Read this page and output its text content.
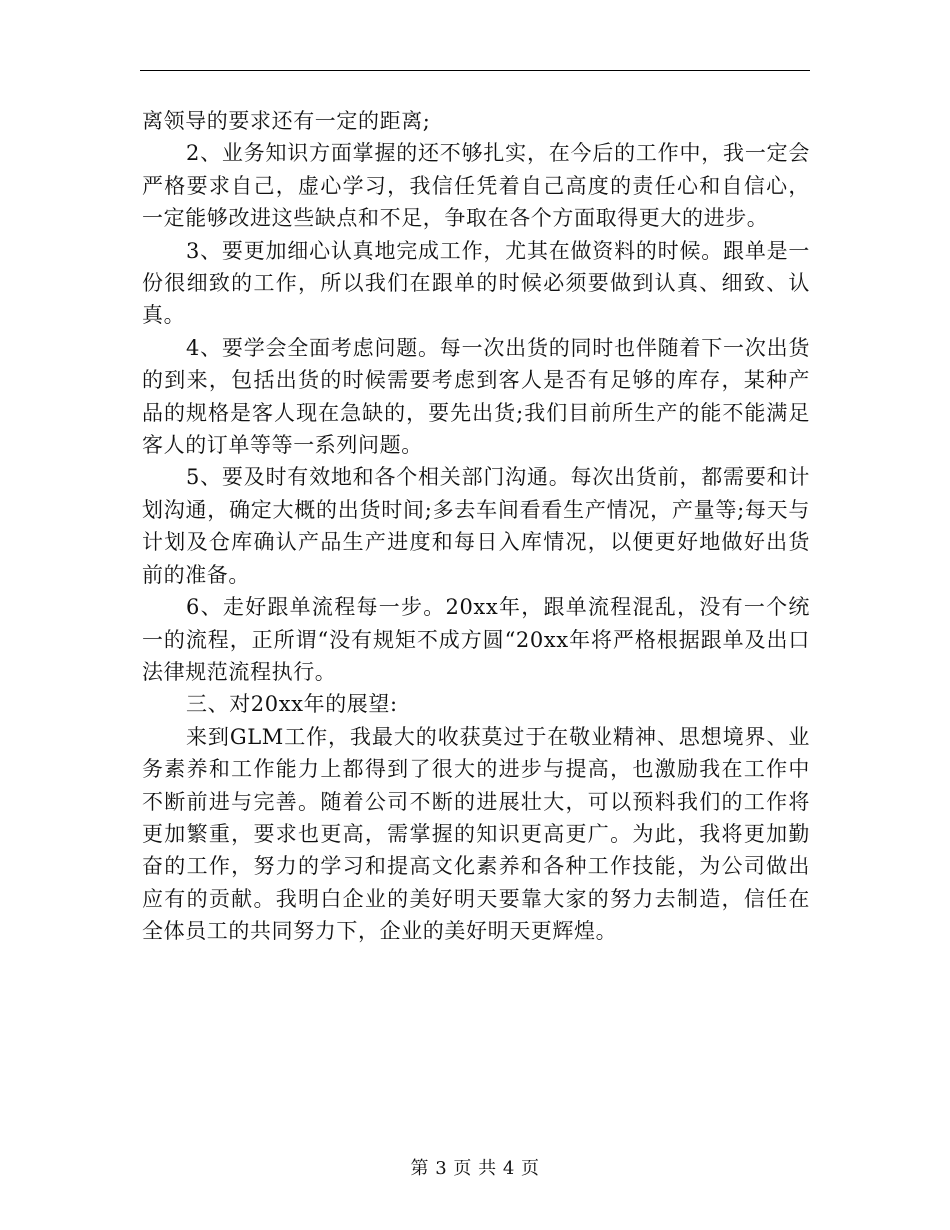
离领导的要求还有一定的距离;

2、业务知识方面掌握的还不够扎实，在今后的工作中，我一定会严格要求自己，虚心学习，我信任凭着自己高度的责任心和自信心，一定能够改进这些缺点和不足，争取在各个方面取得更大的进步。

3、要更加细心认真地完成工作，尤其在做资料的时候。跟单是一份很细致的工作，所以我们在跟单的时候必须要做到认真、细致、认真。

4、要学会全面考虑问题。每一次出货的同时也伴随着下一次出货的到来，包括出货的时候需要考虑到客人是否有足够的库存，某种产品的规格是客人现在急缺的，要先出货;我们目前所生产的能不能满足客人的订单等等一系列问题。

5、要及时有效地和各个相关部门沟通。每次出货前，都需要和计划沟通，确定大概的出货时间;多去车间看看生产情况，产量等;每天与计划及仓库确认产品生产进度和每日入库情况，以便更好地做好出货前的准备。

6、走好跟单流程每一步。20xx年，跟单流程混乱，没有一个统一的流程，正所谓“没有规矩不成方圆“20xx年将严格根据跟单及出口法律规范流程执行。

三、对20xx年的展望:

来到GLM工作，我最大的收获莫过于在敬业精神、思想境界、业务素养和工作能力上都得到了很大的进步与提高，也激励我在工作中不断前进与完善。随着公司不断的进展壮大，可以预料我们的工作将更加繁重，要求也更高，需掌握的知识更高更广。为此，我将更加勤奋的工作，努力的学习和提高文化素养和各种工作技能，为公司做出应有的贡献。我明白企业的美好明天要靠大家的努力去制造，信任在全体员工的共同努力下，企业的美好明天更辉煌。

第 3 页 共 4 页
